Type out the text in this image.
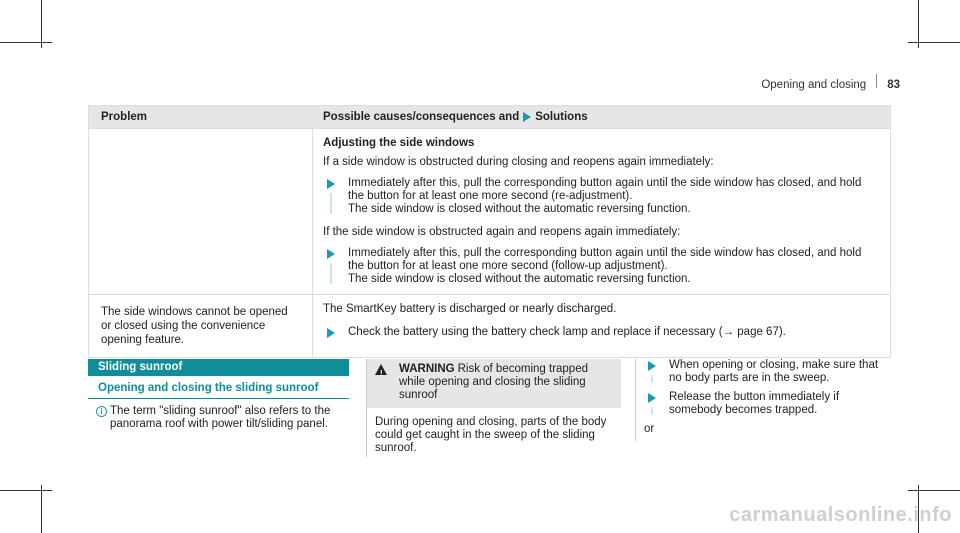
Opening and closing 83
Problem	Possible causes/consequences and Solutions
Adjusting the side windows
If a side window is obstructed during closing and reopens again immediately:
Immediately after this, pull the corresponding button again until the side window has closed, and hold the button for at least one more second (re-adjustment).
The side window is closed without the automatic reversing function.
If the side window is obstructed again and reopens again immediately:
Immediately after this, pull the corresponding button again until the side window has closed, and hold the button for at least one more second (follow-up adjustment).
The side window is closed without the automatic reversing function.
The side windows cannot be opened or closed using the convenience opening feature.
The SmartKey battery is discharged or nearly discharged.
Check the battery using the battery check lamp and replace if necessary (→ page 67).
Sliding sunroof
Opening and closing the sliding sunroof
i The term "sliding sunroof" also refers to the panorama roof with power tilt/sliding panel.
! WARNING Risk of becoming trapped while opening and closing the sliding sunroof
During opening and closing, parts of the body could get caught in the sweep of the sliding sunroof.
When opening or closing, make sure that no body parts are in the sweep.
Release the button immediately if somebody becomes trapped.
or
carmanualsonline.info
